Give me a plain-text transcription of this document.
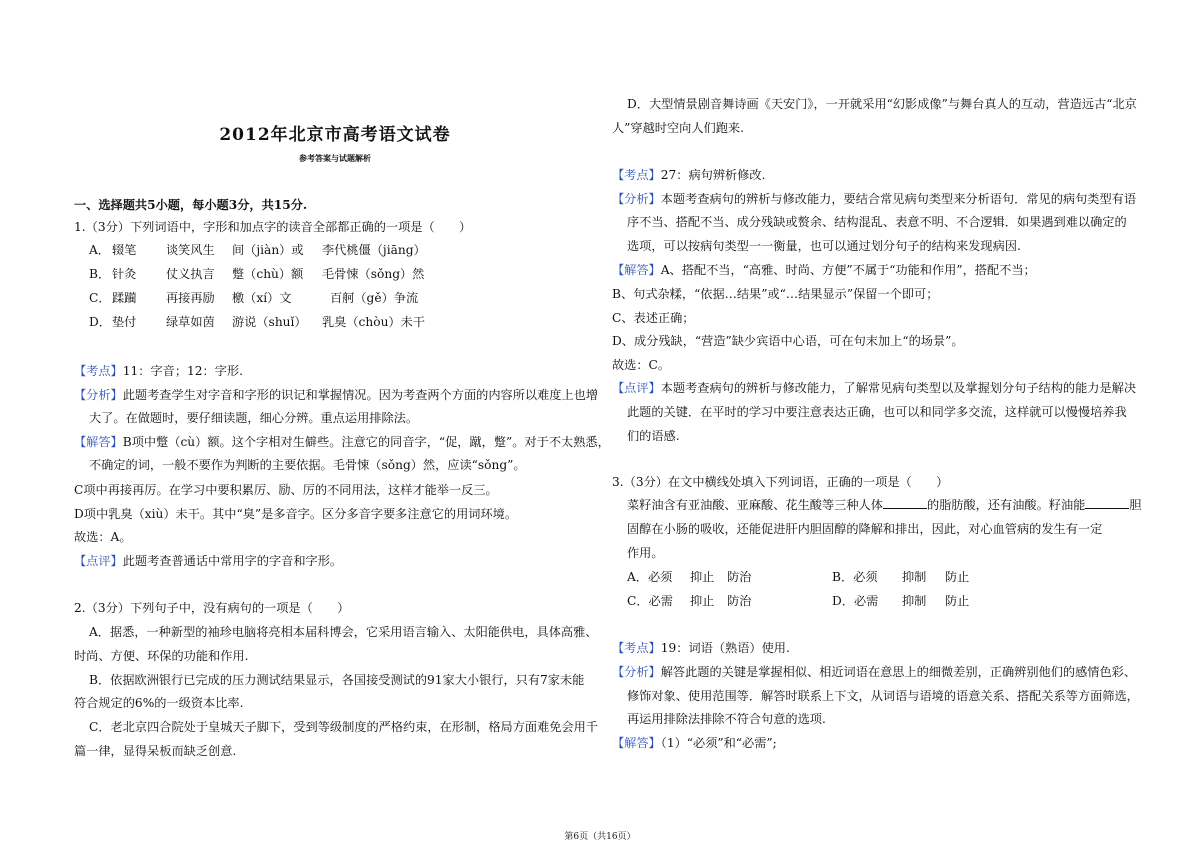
2012年北京市高考语文试卷
参考答案与试题解析
一、选择题共5小题，每小题3分，共15分.
1.（3分）下列词语中，字形和加点字的读音全部都正确的一项是（　　）
A． 辍笔 谈笑风生 间（jiàn）或 李代桃僵（jiāng）
B． 针灸 仗义执言 蹩（chù）额 毛骨悚（sǒng）然
C． 蹂躏 再接再励 檄（xí）文	百舸（gě）争流
D． 垫付 绿草如茵 游说（shuǐ） 乳臭（chòu）未干
【考点】11：字音；12：字形.
【分析】此题考查学生对字音和字形的识记和掌握情况。因为考查两个方面的内容所以难度上也增
大了。在做题时，要仔细读题，细心分辨。重点运用排除法。
【解答】B项中蹩（cù）额。这个字相对生僻些。注意它的同音字，“促，蹴，蹩”。对于不太熟悉，
不确定的词，一般不要作为判断的主要依据。毛骨悚（sǒng）然，应读“sǒng”。
C项中再接再厉。在学习中要积累厉、励、厉的不同用法，这样才能举一反三。
D项中乳臭（xiù）未干。其中“臭”是多音字。区分多音字要多注意它的用词环境。
故选：A。
【点评】此题考查普通话中常用字的字音和字形。
2.（3分）下列句子中，没有病句的一项是（　　）
A．据悉，一种新型的袖珍电脑将亮相本届科博会，它采用语言输入、太阳能供电，具体高雅、
时尚、方便、环保的功能和作用.
B．依据欧洲银行已完成的压力测试结果显示，各国接受测试的91家大小银行，只有7家未能
符合规定的6%的一级资本比率.
C．老北京四合院处于皇城天子脚下，受到等级制度的严格约束，在形制，格局方面难免会用千
篇一律，显得呆板而缺乏创意.
D．大型情景剧音舞诗画《天安门》，一开就采用“幻影成像”与舞台真人的互动，营造远古“北京
人”穿越时空向人们跑来.
【考点】27：病句辨析修改.
【分析】本题考查病句的辨析与修改能力，要结合常见病句类型来分析语句．常见的病句类型有语
序不当、搭配不当、成分残缺或赘余、结构混乱、表意不明、不合逻辑．如果遇到难以确定的
选项，可以按病句类型一一衡量，也可以通过划分句子的结构来发现病因.
【解答】A、搭配不当，“高雅、时尚、方便”不属于“功能和作用”，搭配不当；
B、句式杂糅，“依据…结果”或“…结果显示”保留一个即可；
C、表述正确；
D、成分残缺，“营造”缺少宾语中心语，可在句末加上“的场景”。
故选：C。
【点评】本题考查病句的辨析与修改能力，了解常见病句类型以及掌握划分句子结构的能力是解决
此题的关键．在平时的学习中要注意表达正确，也可以和同学多交流，这样就可以慢慢培养我
们的语感.
3.（3分）在文中横线处填入下列词语，正确的一项是（　　）
菜籽油含有亚油酸、亚麻酸、花生酸等三种人体	的脂肪酸，还有油酸。籽油能	胆
固醇在小肠的吸收，还能促进肝内胆固醇的降解和排出，因此，对心血管病的发生有一定
作用。
A．必须 抑止 防治	B．必须 抑制 防止
C．必需 抑止 防治	D．必需 抑制 防止
【考点】19：词语（熟语）使用.
【分析】解答此题的关键是掌握相似、相近词语在意思上的细微差别，正确辨别他们的感情色彩、
修饰对象、使用范围等．解答时联系上下文，从词语与语境的语意关系、搭配关系等方面筛选，
再运用排除法排除不符合句意的选项.
【解答】（1）“必须”和“必需”;
第6页（共16页）
